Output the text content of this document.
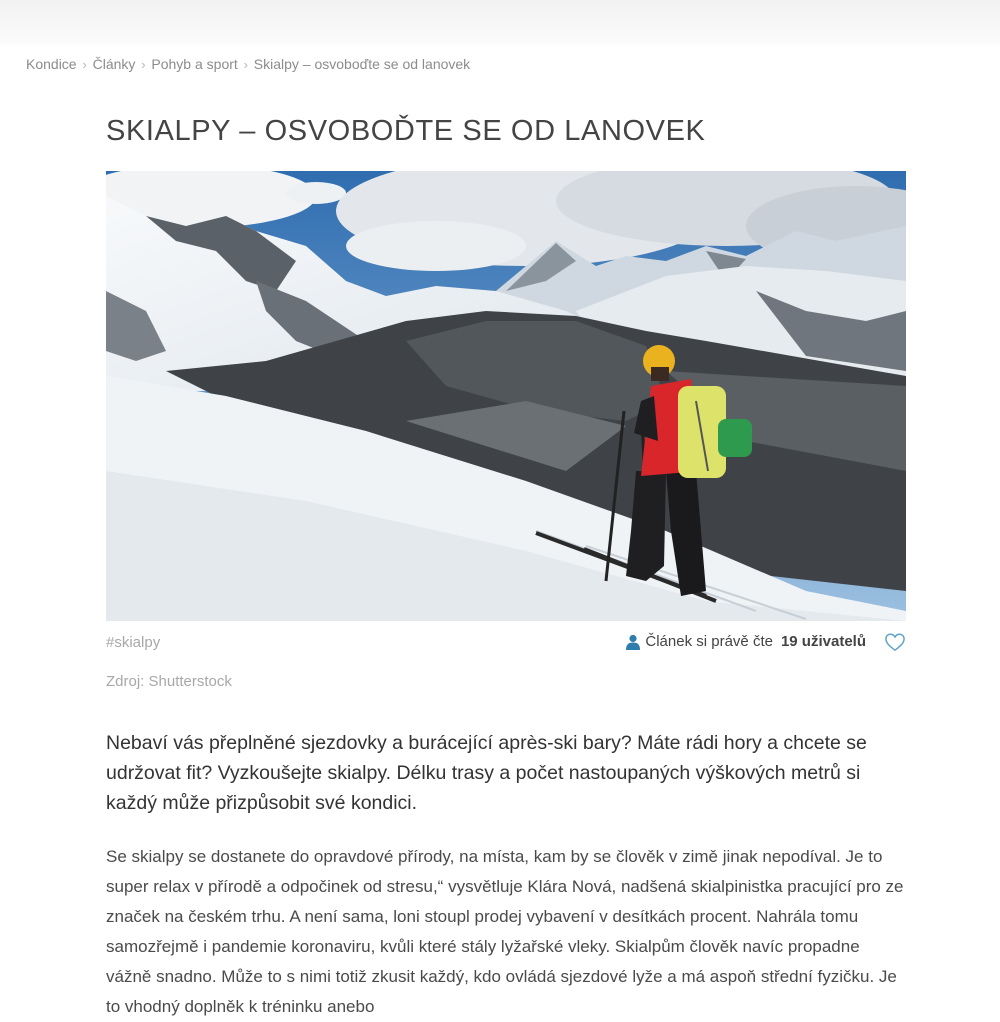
Kondice › Články › Pohyb a sport › Skialpy – osvoboďte se od lanovek
SKIALPY – OSVOBOĎTE SE OD LANOVEK
#skialpy	Článek si právě čte 19 uživatelů
Zdroj: Shutterstock

Nebaví vás přeplněné sjezdovky a burácející après-ski bary? Máte rádi hory a chcete se udržovat fit? Vyzkoušejte skialpy. Délku trasy a počet nastoupaných výškových metrů si každý může přizpůsobit své kondici.

Se skialpy se dostanete do opravdové přírody, na místa, kam by se člověk v zimě jinak nepodíval. Je to super relax v přírodě a odpočinek od stresu,“ vysvětluje Klára Nová, nadšená skialpinistka pracující pro ze značek na českém trhu. A není sama, loni stoupl prodej vybavení v desítkách procent. Nahrála tomu samozřejmě i pandemie koronaviru, kvůli které stály lyžařské vleky. Skialpům člověk navíc propadne vážně snadno. Může to s nimi totiž zkusit každý, kdo ovládá sjezdové lyže a má aspoň střední fyzičku. Je to vhodný doplněk k tréninku anebo
